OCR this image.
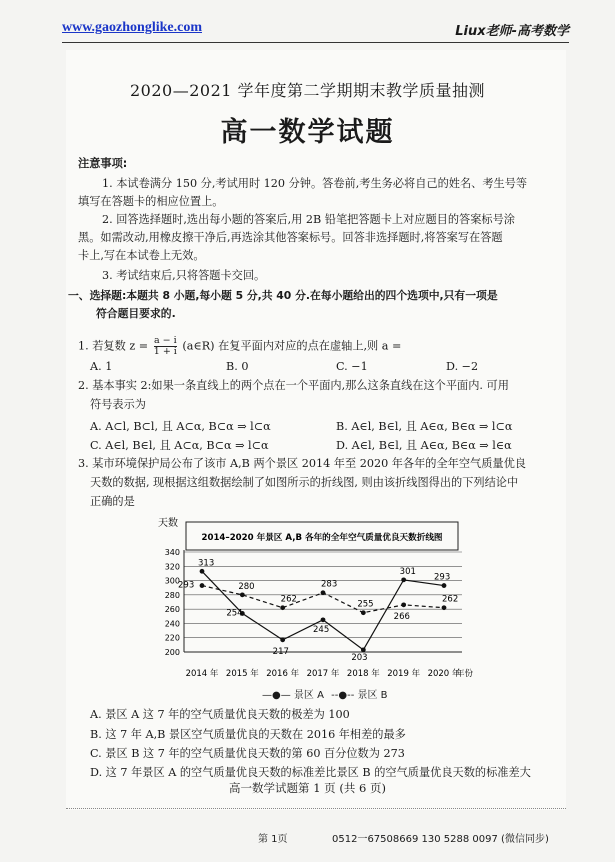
www.gaozhonglike.com	Liux老师-高考数学
2020—2021 学年度第二学期期末教学质量抽测
高一数学试题
注意事项:
1. 本试卷满分 150 分,考试用时 120 分钟。答卷前,考生务必将自己的姓名、考生号等
填写在答题卡的相应位置上。
2. 回答选择题时,选出每小题的答案后,用 2B 铅笔把答题卡上对应题目的答案标号涂
黑。如需改动,用橡皮擦干净后,再选涂其他答案标号。回答非选择题时,将答案写在答题
卡上,写在本试卷上无效。
3. 考试结束后,只将答题卡交回。
一、选择题:本题共 8 小题,每小题 5 分,共 40 分.在每小题给出的四个选项中,只有一项是
符合题目要求的.
1. 若复数 $z = \frac{a - i}{1 + i}$ (a∈R) 在复平面内对应的点在虚轴上,则 a =
A. 1	B. 0	C. −1	D. −2
2. 基本事实 2:如果一条直线上的两个点在一个平面内,那么这条直线在这个平面内. 可用
符号表示为
A. A⊂l, B⊂l, 且 A⊂α, B⊂α ⇒ l⊂α	B. A∈l, B∈l, 且 A∈α, B∈α ⇒ l⊂α
C. A∈l, B∈l, 且 A⊂α, B⊂α ⇒ l⊂α	D. A∈l, B∈l, 且 A∈α, B∈α ⇒ l∈α
3. 某市环境保护局公布了该市 A,B 两个景区 2014 年至 2020 年各年的全年空气质量优良
天数的数据, 现根据这组数据绘制了如图所示的折线图, 则由该折线图得出的下列结论中
正确的是
天数
2014–2020 年景区 A,B 各年的全年空气质量优良天数折线图
200
220
240
260
280
300
320
340
2014 年 2015 年 2016 年 2017 年 2018 年 2019 年 2020 年
年份
313
254
217
245
203
301
293
293	280
262
283
255
266
262
—●— 景区 A --●-- 景区 B
A. 景区 A 这 7 年的空气质量优良天数的极差为 100
B. 这 7 年 A,B 景区空气质量优良的天数在 2016 年相差的最多
C. 景区 B 这 7 年的空气质量优良天数的第 60 百分位数为 273
D. 这 7 年景区 A 的空气质量优良天数的标准差比景区 B 的空气质量优良天数的标准差大
高一数学试题第 1 页 (共 6 页)
第 1页	0512一67508669 130 5288 0097 (微信同步)
